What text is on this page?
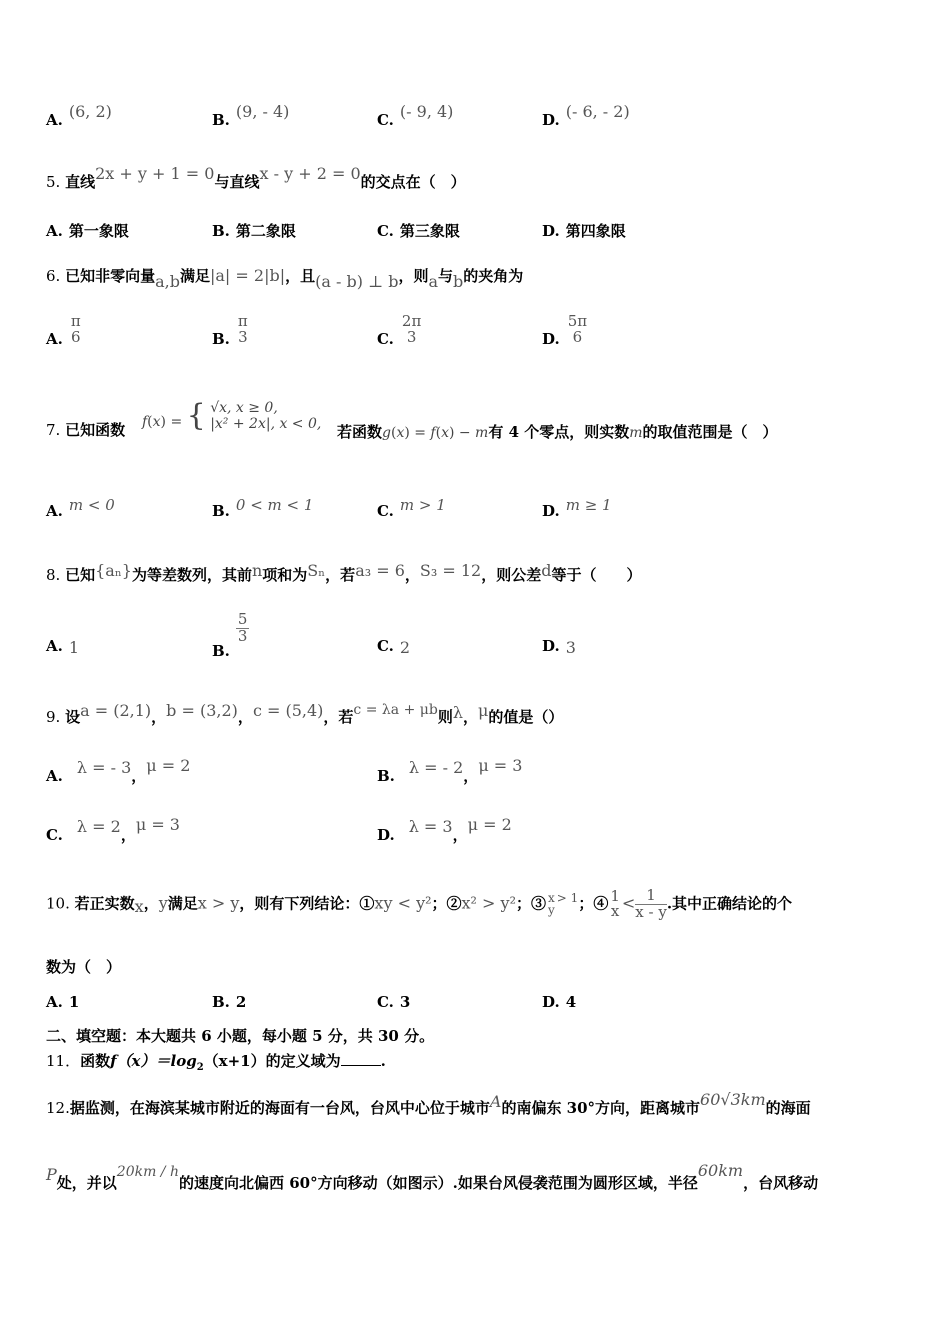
A. (6, 2)	B. (9, - 4)	C. (- 9, 4)	D. (- 6, - 2)
5. 直线2x + y + 1 = 0与直线x - y + 2 = 0的交点在（　）
A. 第一象限	B. 第二象限	C. 第三象限	D. 第四象限
6. 已知非零向量a,b满足|a| = 2|b|，且(a - b) ⊥ b，则a与b的夹角为
A.
π
6	B.
π
3	C.
2π
3	D.
5π
6
7. 已知函数 𝑓(𝑥) = { √𝑥, 𝑥 ≥ 0,
|𝑥² + 2𝑥|, 𝑥 < 0, 若函数𝑔(𝑥) = 𝑓(𝑥) − 𝑚有 4 个零点，则实数𝑚的取值范围是（　）
A. 𝑚 < 0	B. 0 < 𝑚 < 1	C. 𝑚 > 1	D. 𝑚 ≥ 1
8. 已知{aₙ}为等差数列，其前n项和为Sₙ，若a₃ = 6，S₃ = 12，则公差d等于（　　）
A. 1	B.
$\frac{5}{3}$
C. 2	D. 3
9. 设a = (2,1)，b = (3,2)，c = (5,4)，若c = λa + μb则λ，μ的值是（）
A. λ = - 3，μ = 2
B. λ = - 2，μ = 3
C. λ = 2，μ = 3
D. λ = 3，μ = 2
10. 若正实数x，y满足x > y，则有下列结论：①xy < y²；②x² > y²；③ x
y
$^{> 1}$；④ 1
$x < \frac{1}{x - y}$ .其中正确结论的个
数为（　）
A. 1	B. 2	C. 3	D. 4
二、填空题：本大题共 6 小题，每小题 5 分，共 30 分。
11．函数$f(x)=\log_2(x+1)$的定义域为	.
12.据监测，在海滨某城市附近的海面有一台风，台风中心位于城市A的南偏东 30°方向，距离城市60√3km的海面
P处，并以20km / h的速度向北偏西 60°方向移动（如图示）.如果台风侵袭范围为圆形区域，半径60km，台风移动
